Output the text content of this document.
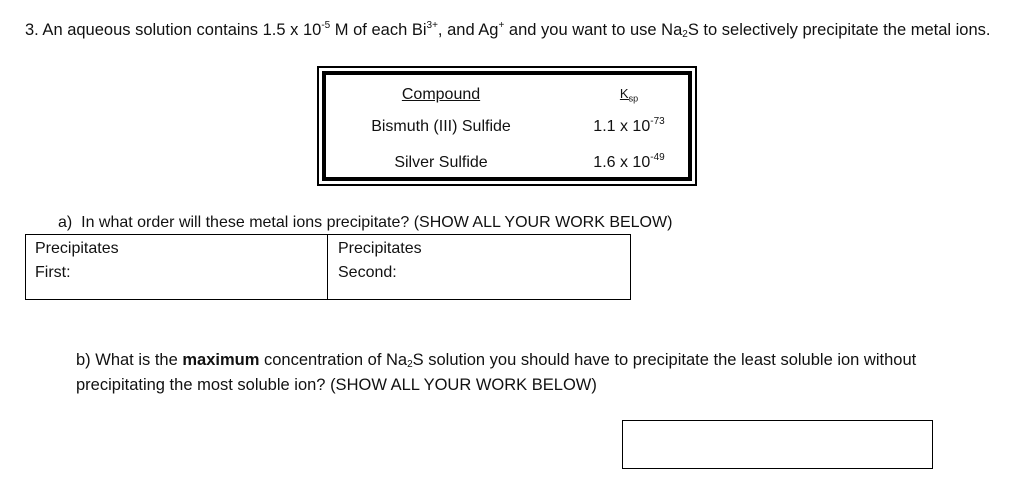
3. An aqueous solution contains 1.5 x $10^{-5}$ M of each $Bi^{3+}$, and Ag+ and you want to use $Na_2S$ to selectively precipitate the metal ions.
Compound	$K_{sp}$
Bismuth (III) Sulfide	1.1 x $10^{-73}$
Silver Sulfide	1.6 x $10^{-49}$
a)  In what order will these metal ions precipitate? (SHOW ALL YOUR WORK BELOW)
Precipitates
First:
Precipitates
Second:
b) What is the maximum concentration of $Na_2S$ solution you should have to precipitate the least soluble ion without precipitating the most soluble ion? (SHOW ALL YOUR WORK BELOW)
